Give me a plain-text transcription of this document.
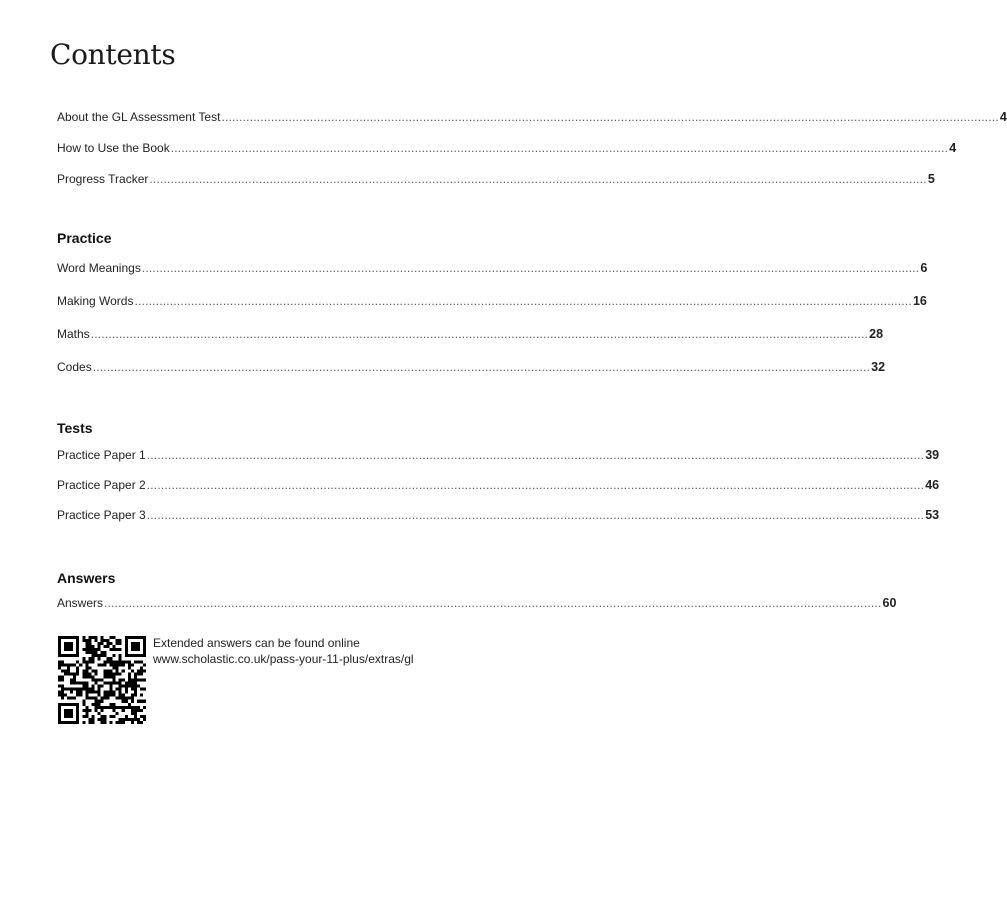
Contents
About the GL Assessment Test ............................................................................................................................................................................................................................ 4
How to Use the Book ............................................................................................................................................................................................................................ 4
Progress Tracker ............................................................................................................................................................................................................................ 5
Practice
Word Meanings ............................................................................................................................................................................................................................ 6
Making Words ............................................................................................................................................................................................................................ 16
Maths ............................................................................................................................................................................................................................ 28
Codes ............................................................................................................................................................................................................................ 32
Tests
Practice Paper 1 ............................................................................................................................................................................................................................ 39
Practice Paper 2 ............................................................................................................................................................................................................................ 46
Practice Paper 3 ............................................................................................................................................................................................................................ 53
Answers
Answers ............................................................................................................................................................................................................................ 60
Extended answers can be found online
www.scholastic.co.uk/pass-your-11-plus/extras/gl
